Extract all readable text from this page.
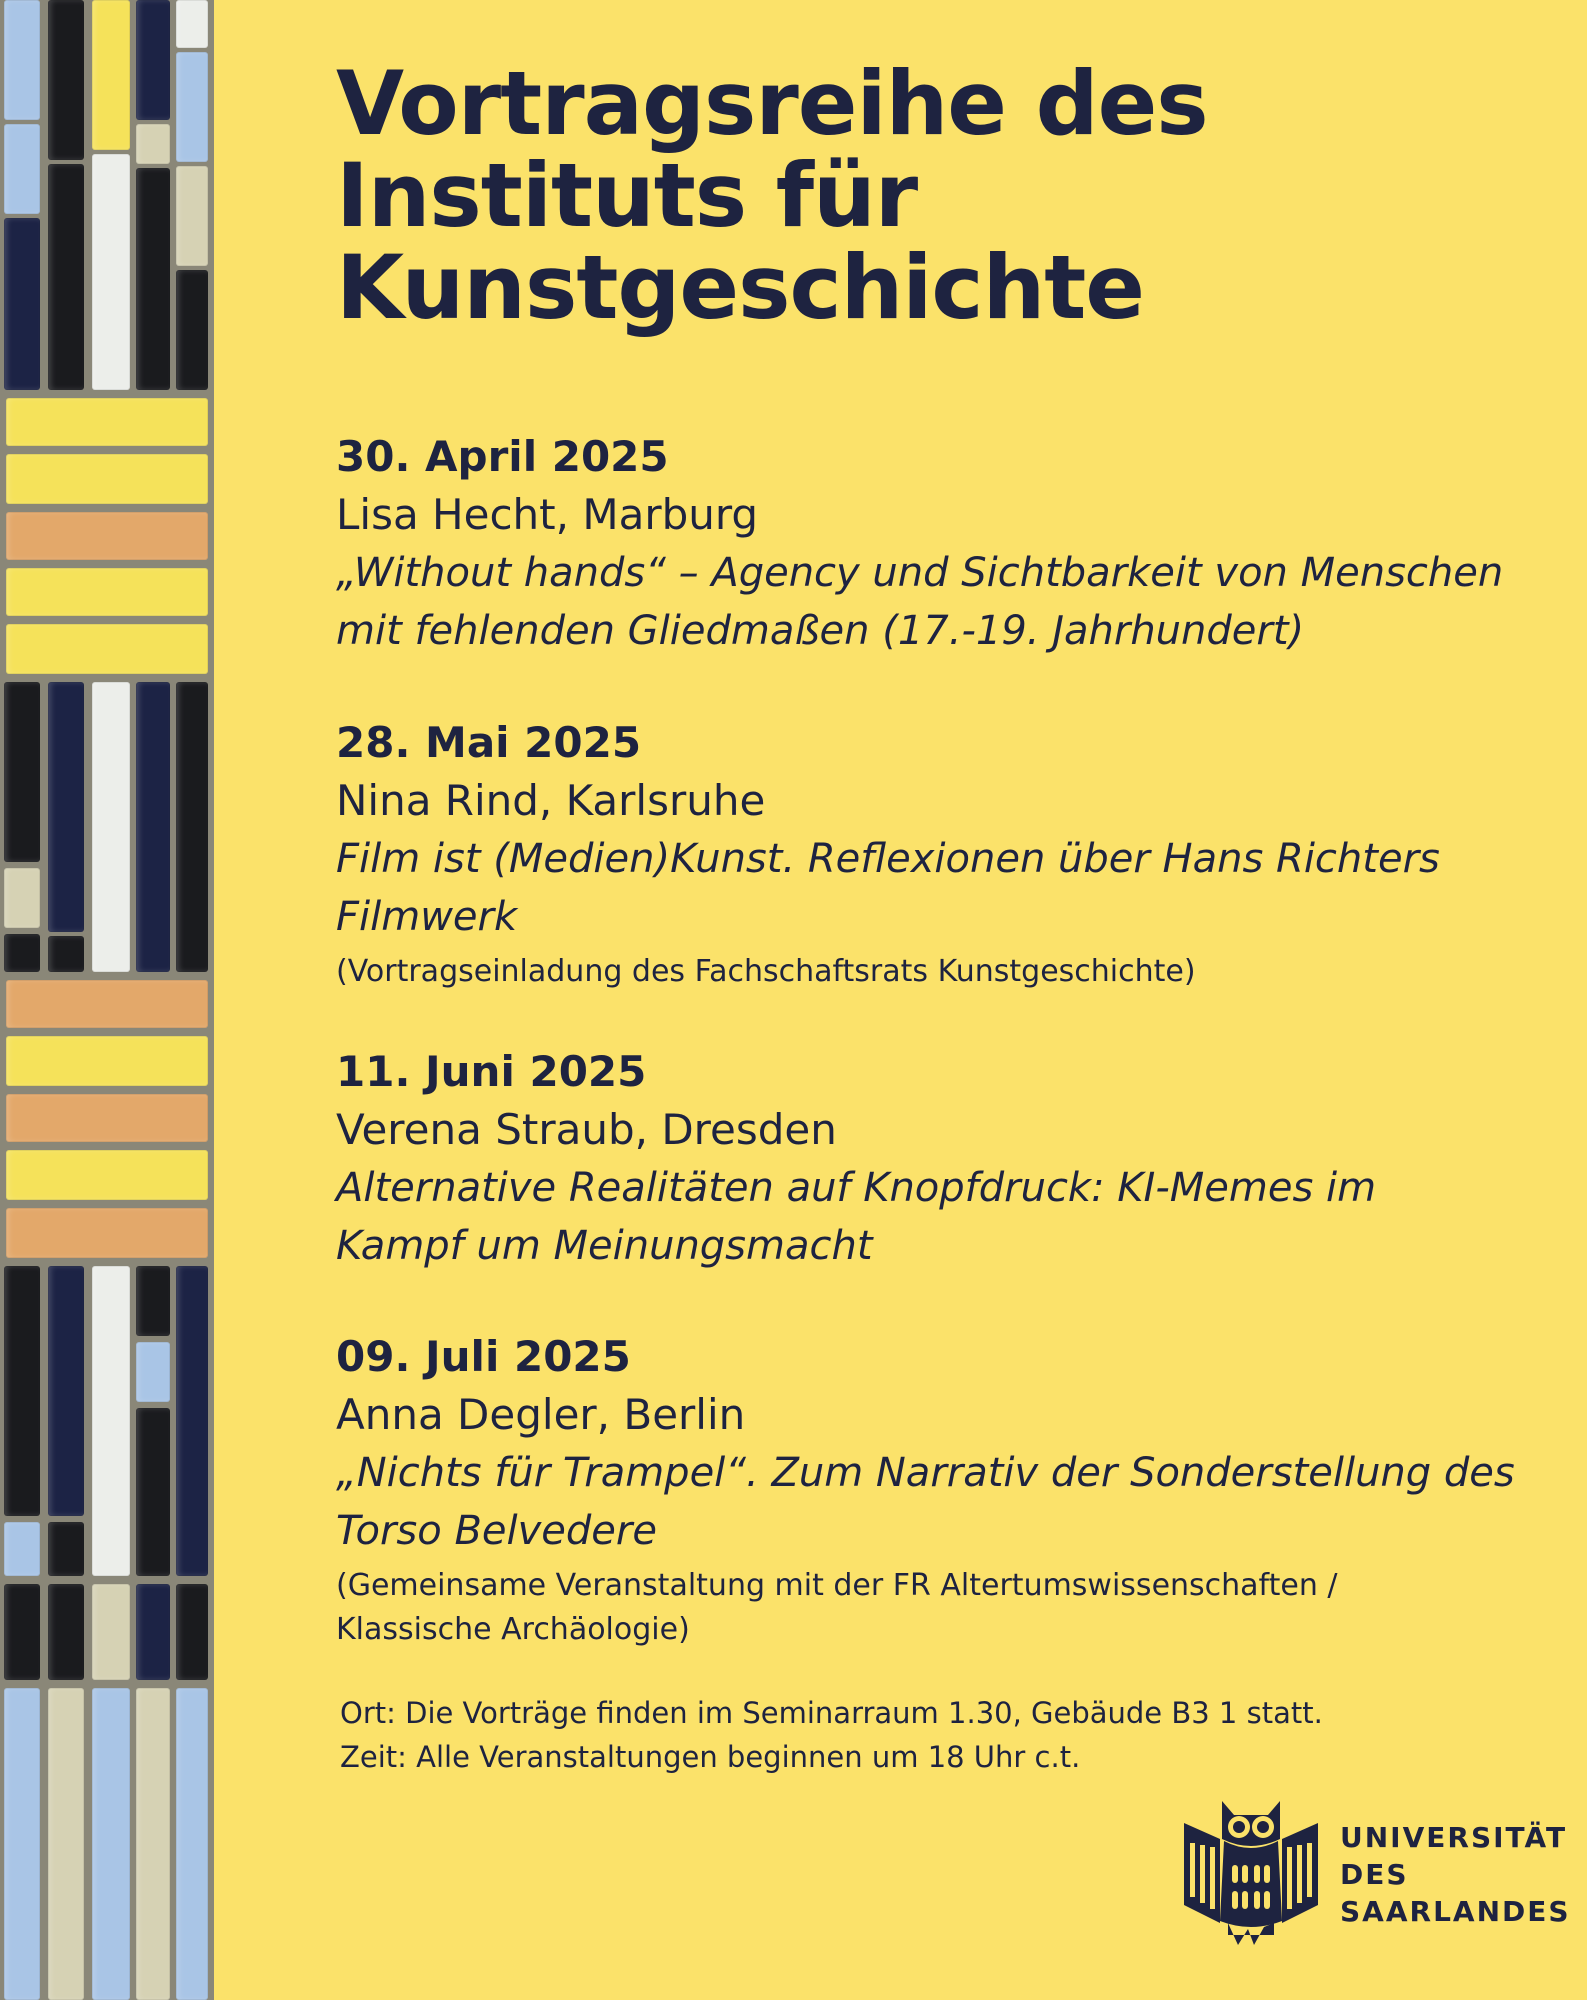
Vortragsreihe des
Instituts für
Kunstgeschichte
30. April 2025
Lisa Hecht, Marburg
„Without hands“ – Agency und Sichtbarkeit von Menschen
mit fehlenden Gliedmaßen (17.-19. Jahrhundert)
28. Mai 2025
Nina Rind, Karlsruhe
Film ist (Medien)Kunst. Reflexionen über Hans Richters
Filmwerk
(Vortragseinladung des Fachschaftsrats Kunstgeschichte)
11. Juni 2025
Verena Straub, Dresden
Alternative Realitäten auf Knopfdruck: KI-Memes im
Kampf um Meinungsmacht
09. Juli 2025
Anna Degler, Berlin
„Nichts für Trampel“. Zum Narrativ der Sonderstellung des
Torso Belvedere
(Gemeinsame Veranstaltung mit der FR Altertumswissenschaften /
Klassische Archäologie)
Ort: Die Vorträge finden im Seminarraum 1.30, Gebäude B3 1 statt.
Zeit: Alle Veranstaltungen beginnen um 18 Uhr c.t.
UNIVERSITÄT
DES
SAARLANDES
